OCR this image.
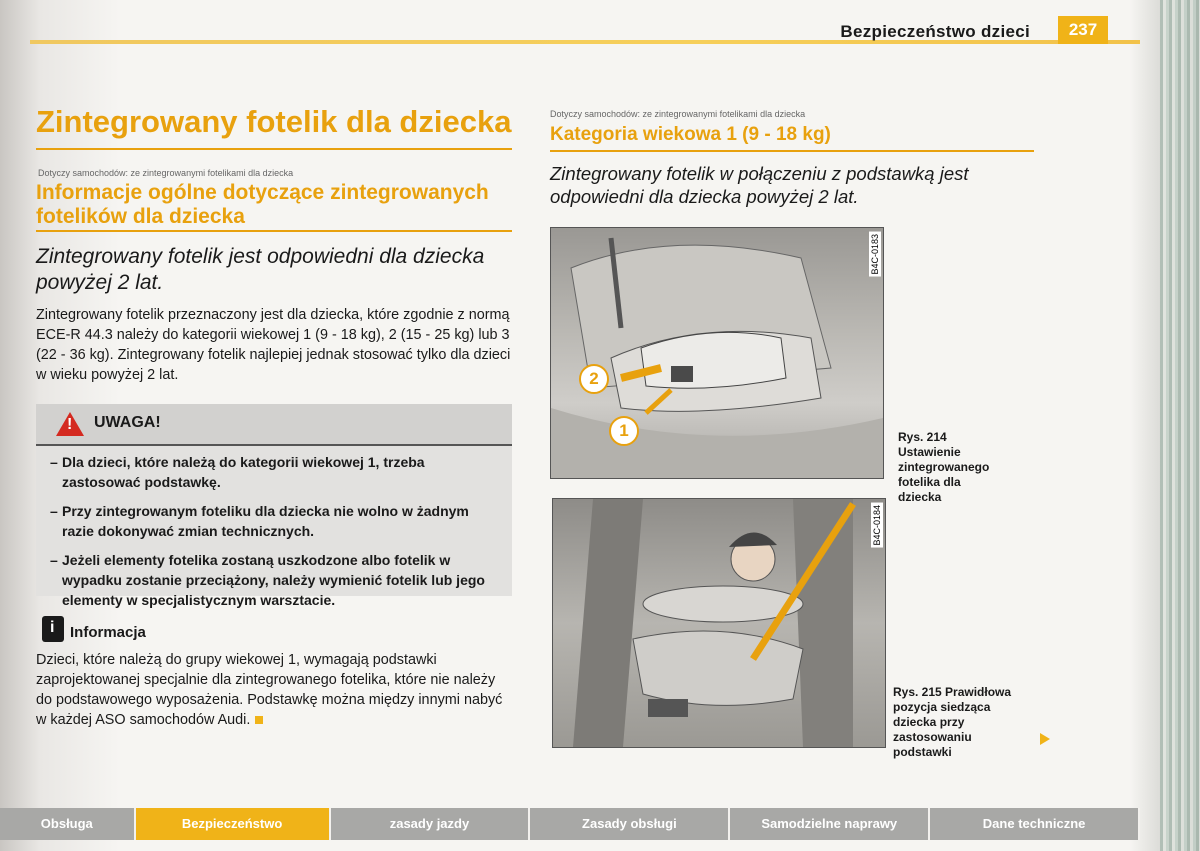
Bezpieczeństwo dzieci	237
Zintegrowany fotelik dla dziecka
Dotyczy samochodów: ze zintegrowanymi fotelikami dla dziecka
Informacje ogólne dotyczące zintegrowanych fotelików dla dziecka
Zintegrowany fotelik jest odpowiedni dla dziecka powyżej 2 lat.
Zintegrowany fotelik przeznaczony jest dla dziecka, które zgodnie z normą ECE-R 44.3 należy do kategorii wiekowej 1 (9 - 18 kg), 2 (15 - 25 kg) lub 3 (22 - 36 kg). Zintegrowany fotelik najlepiej jednak stosować tylko dla dzieci w wieku powyżej 2 lat.
!
UWAGA!
– Dla dzieci, które należą do kategorii wiekowej 1, trzeba zastosować podstawkę.
– Przy zintegrowanym foteliku dla dziecka nie wolno w żadnym razie dokonywać zmian technicznych.
– Jeżeli elementy fotelika zostaną uszkodzone albo fotelik w wypadku zostanie przeciążony, należy wymienić fotelik lub jego elementy w specjalistycznym warsztacie.
i
Informacja
Dzieci, które należą do grupy wiekowej 1, wymagają podstawki zaprojektowanej specjalnie dla zintegrowanego fotelika, które nie należy do podstawowego wyposażenia. Podstawkę można między innymi nabyć w każdej ASO samochodów Audi.
Dotyczy samochodów: ze zintegrowanymi fotelikami dla dziecka
Kategoria wiekowa 1 (9 - 18 kg)
Zintegrowany fotelik w połączeniu z podstawką jest odpowiedni dla dziecka powyżej 2 lat.
B4C-0183
2
1	Rys. 214 Ustawienie zintegrowanego fotelika dla dziecka
B4C-0184
Rys. 215 Prawidłowa pozycja siedząca dziecka przy zastosowaniu podstawki
Obsługa	Bezpieczeństwo	zasady jazdy	Zasady obsługi	Samodzielne naprawy	Dane techniczne
